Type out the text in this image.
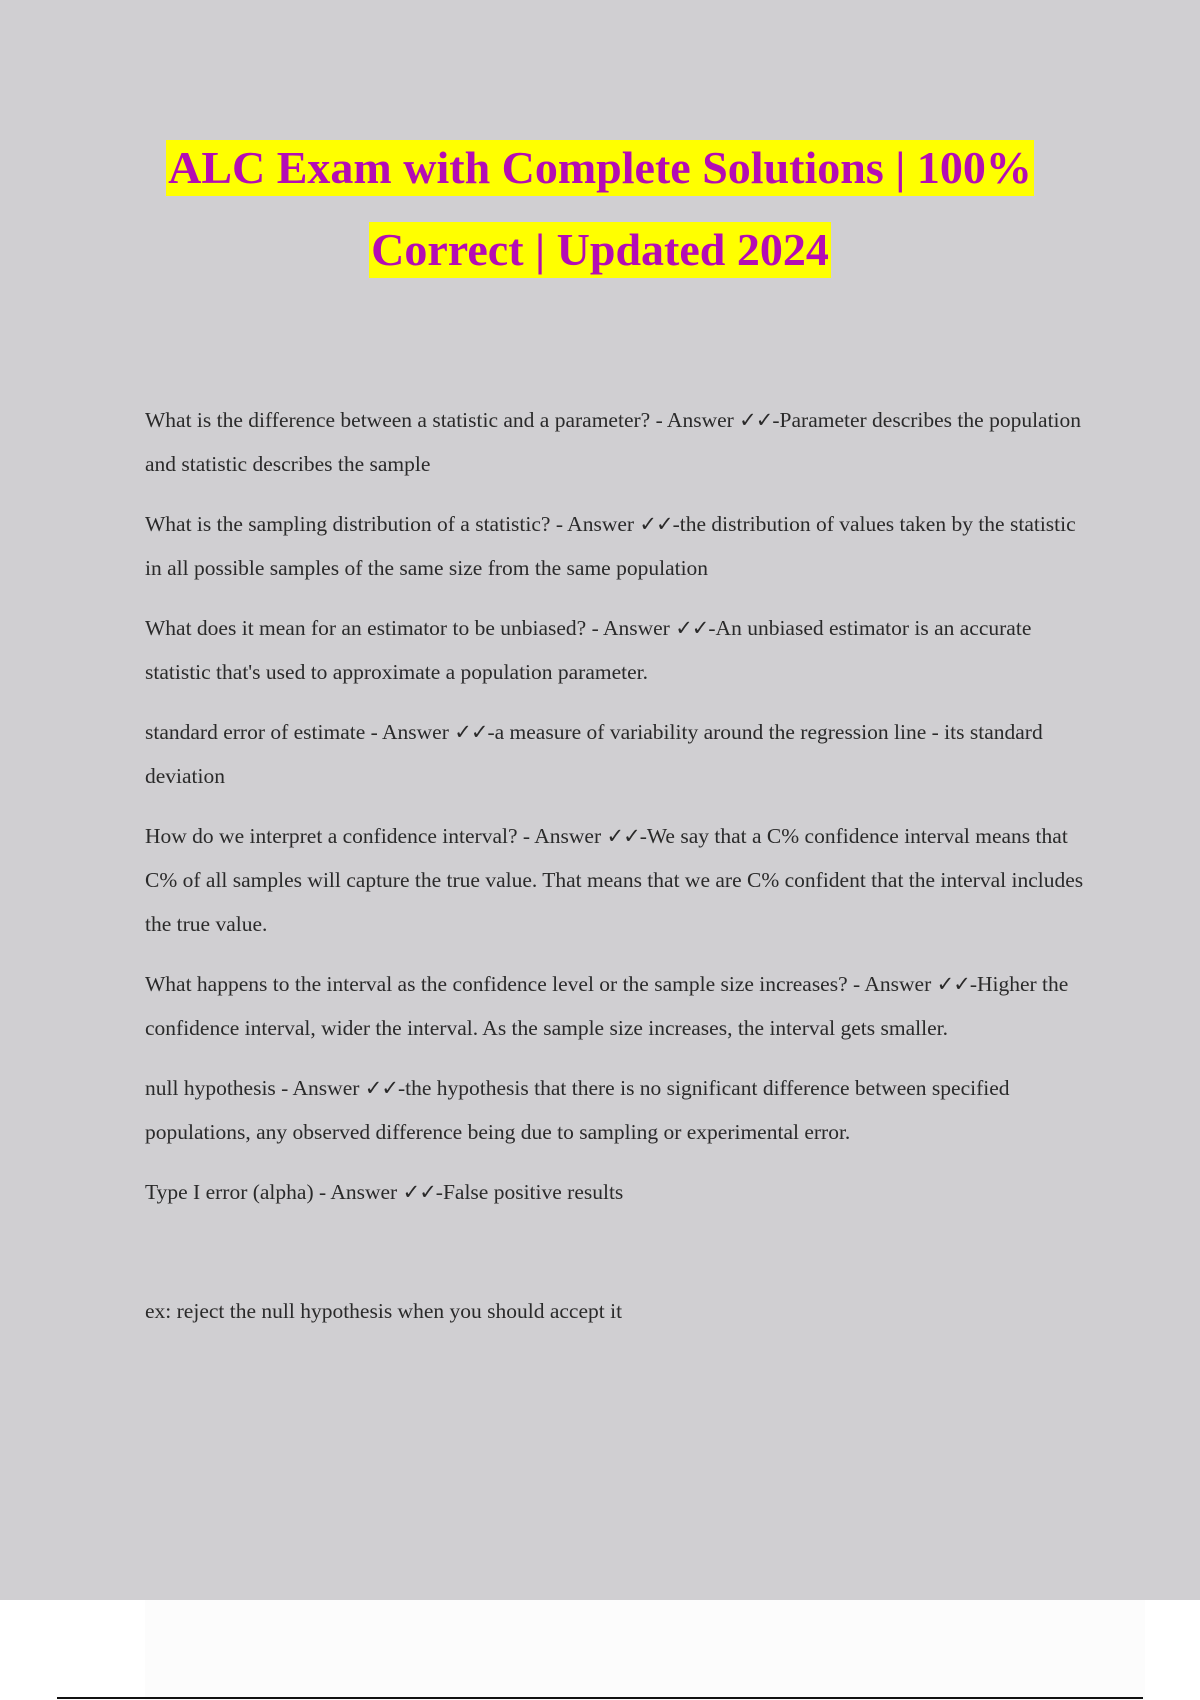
ALC Exam with Complete Solutions | 100%
Correct | Updated 2024

What is the difference between a statistic and a parameter? - Answer ✓✓-Parameter describes the population and statistic describes the sample

What is the sampling distribution of a statistic? - Answer ✓✓-the distribution of values taken by the statistic in all possible samples of the same size from the same population

What does it mean for an estimator to be unbiased? - Answer ✓✓-An unbiased estimator is an accurate statistic that's used to approximate a population parameter.

standard error of estimate - Answer ✓✓-a measure of variability around the regression line - its standard deviation

How do we interpret a confidence interval? - Answer ✓✓-We say that a C% confidence interval means that C% of all samples will capture the true value. That means that we are C% confident that the interval includes the true value.

What happens to the interval as the confidence level or the sample size increases? - Answer ✓✓-Higher the confidence interval, wider the interval. As the sample size increases, the interval gets smaller.

null hypothesis - Answer ✓✓-the hypothesis that there is no significant difference between specified populations, any observed difference being due to sampling or experimental error.

Type I error (alpha) - Answer ✓✓-False positive results

ex: reject the null hypothesis when you should accept it
